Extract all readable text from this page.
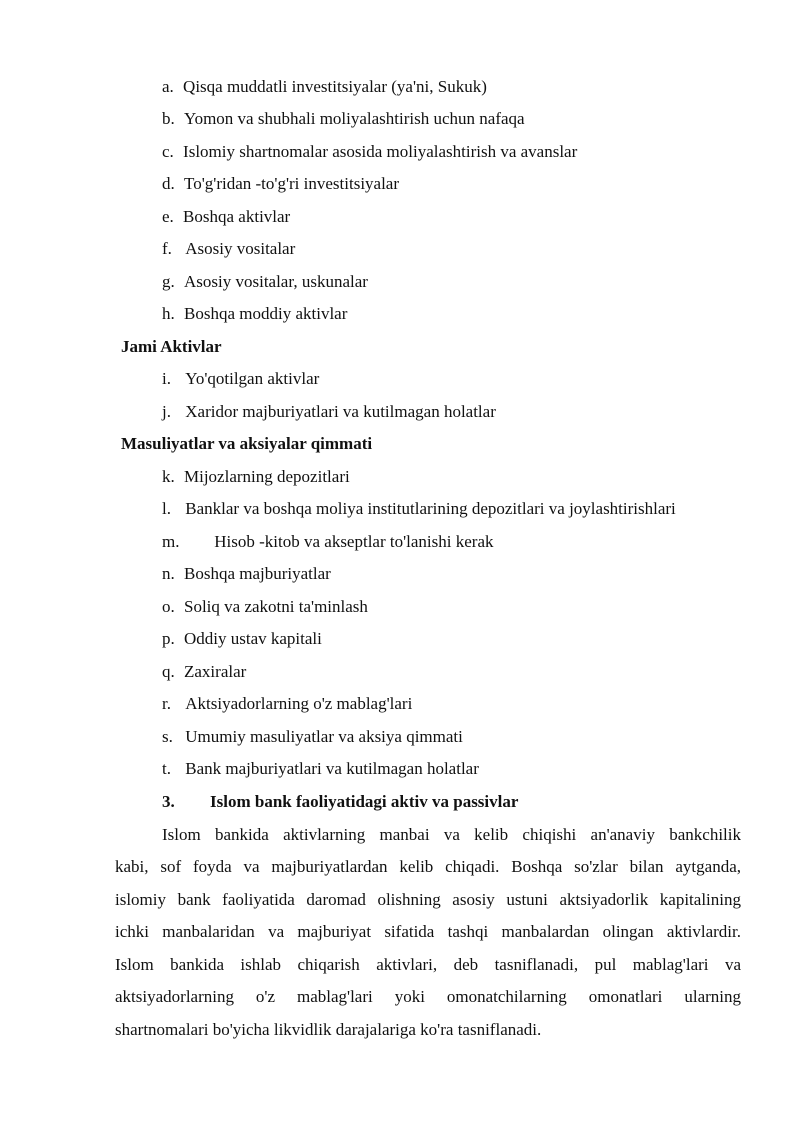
a. Qisqa muddatli investitsiyalar (ya'ni, Sukuk)
b. Yomon va shubhali moliyalashtirish uchun nafaqa
c. Islomiy shartnomalar asosida moliyalashtirish va avanslar
d. To'g'ridan -to'g'ri investitsiyalar
e. Boshqa aktivlar
f. Asosiy vositalar
g. Asosiy vositalar, uskunalar
h. Boshqa moddiy aktivlar
Jami Aktivlar
i. Yo'qotilgan aktivlar
j. Xaridor majburiyatlari va kutilmagan holatlar
Masuliyatlar va aksiyalar qimmati
k. Mijozlarning depozitlari
l. Banklar va boshqa moliya institutlarining depozitlari va joylashtirishlari
m. Hisob -kitob va akseptlar to'lanishi kerak
n. Boshqa majburiyatlar
o. Soliq va zakotni ta'minlash
p. Oddiy ustav kapitali
q. Zaxiralar
r. Aktsiyadorlarning o'z mablag'lari
s. Umumiy masuliyatlar va aksiya qimmati
t. Bank majburiyatlari va kutilmagan holatlar
3. Islom bank faoliyatidagi aktiv va passivlar
Islom bankida aktivlarning manbai va kelib chiqishi an'anaviy bankchilik
kabi, sof foyda va majburiyatlardan kelib chiqadi. Boshqa so'zlar bilan aytganda,
islomiy bank faoliyatida daromad olishning asosiy ustuni aktsiyadorlik kapitalining
ichki manbalaridan va majburiyat sifatida tashqi manbalardan olingan aktivlardir.
Islom bankida ishlab chiqarish aktivlari, deb tasniflanadi, pul mablag'lari va
aktsiyadorlarning o'z mablag'lari yoki omonatchilarning omonatlari ularning
shartnomalari bo'yicha likvidlik darajalariga ko'ra tasniflanadi.
